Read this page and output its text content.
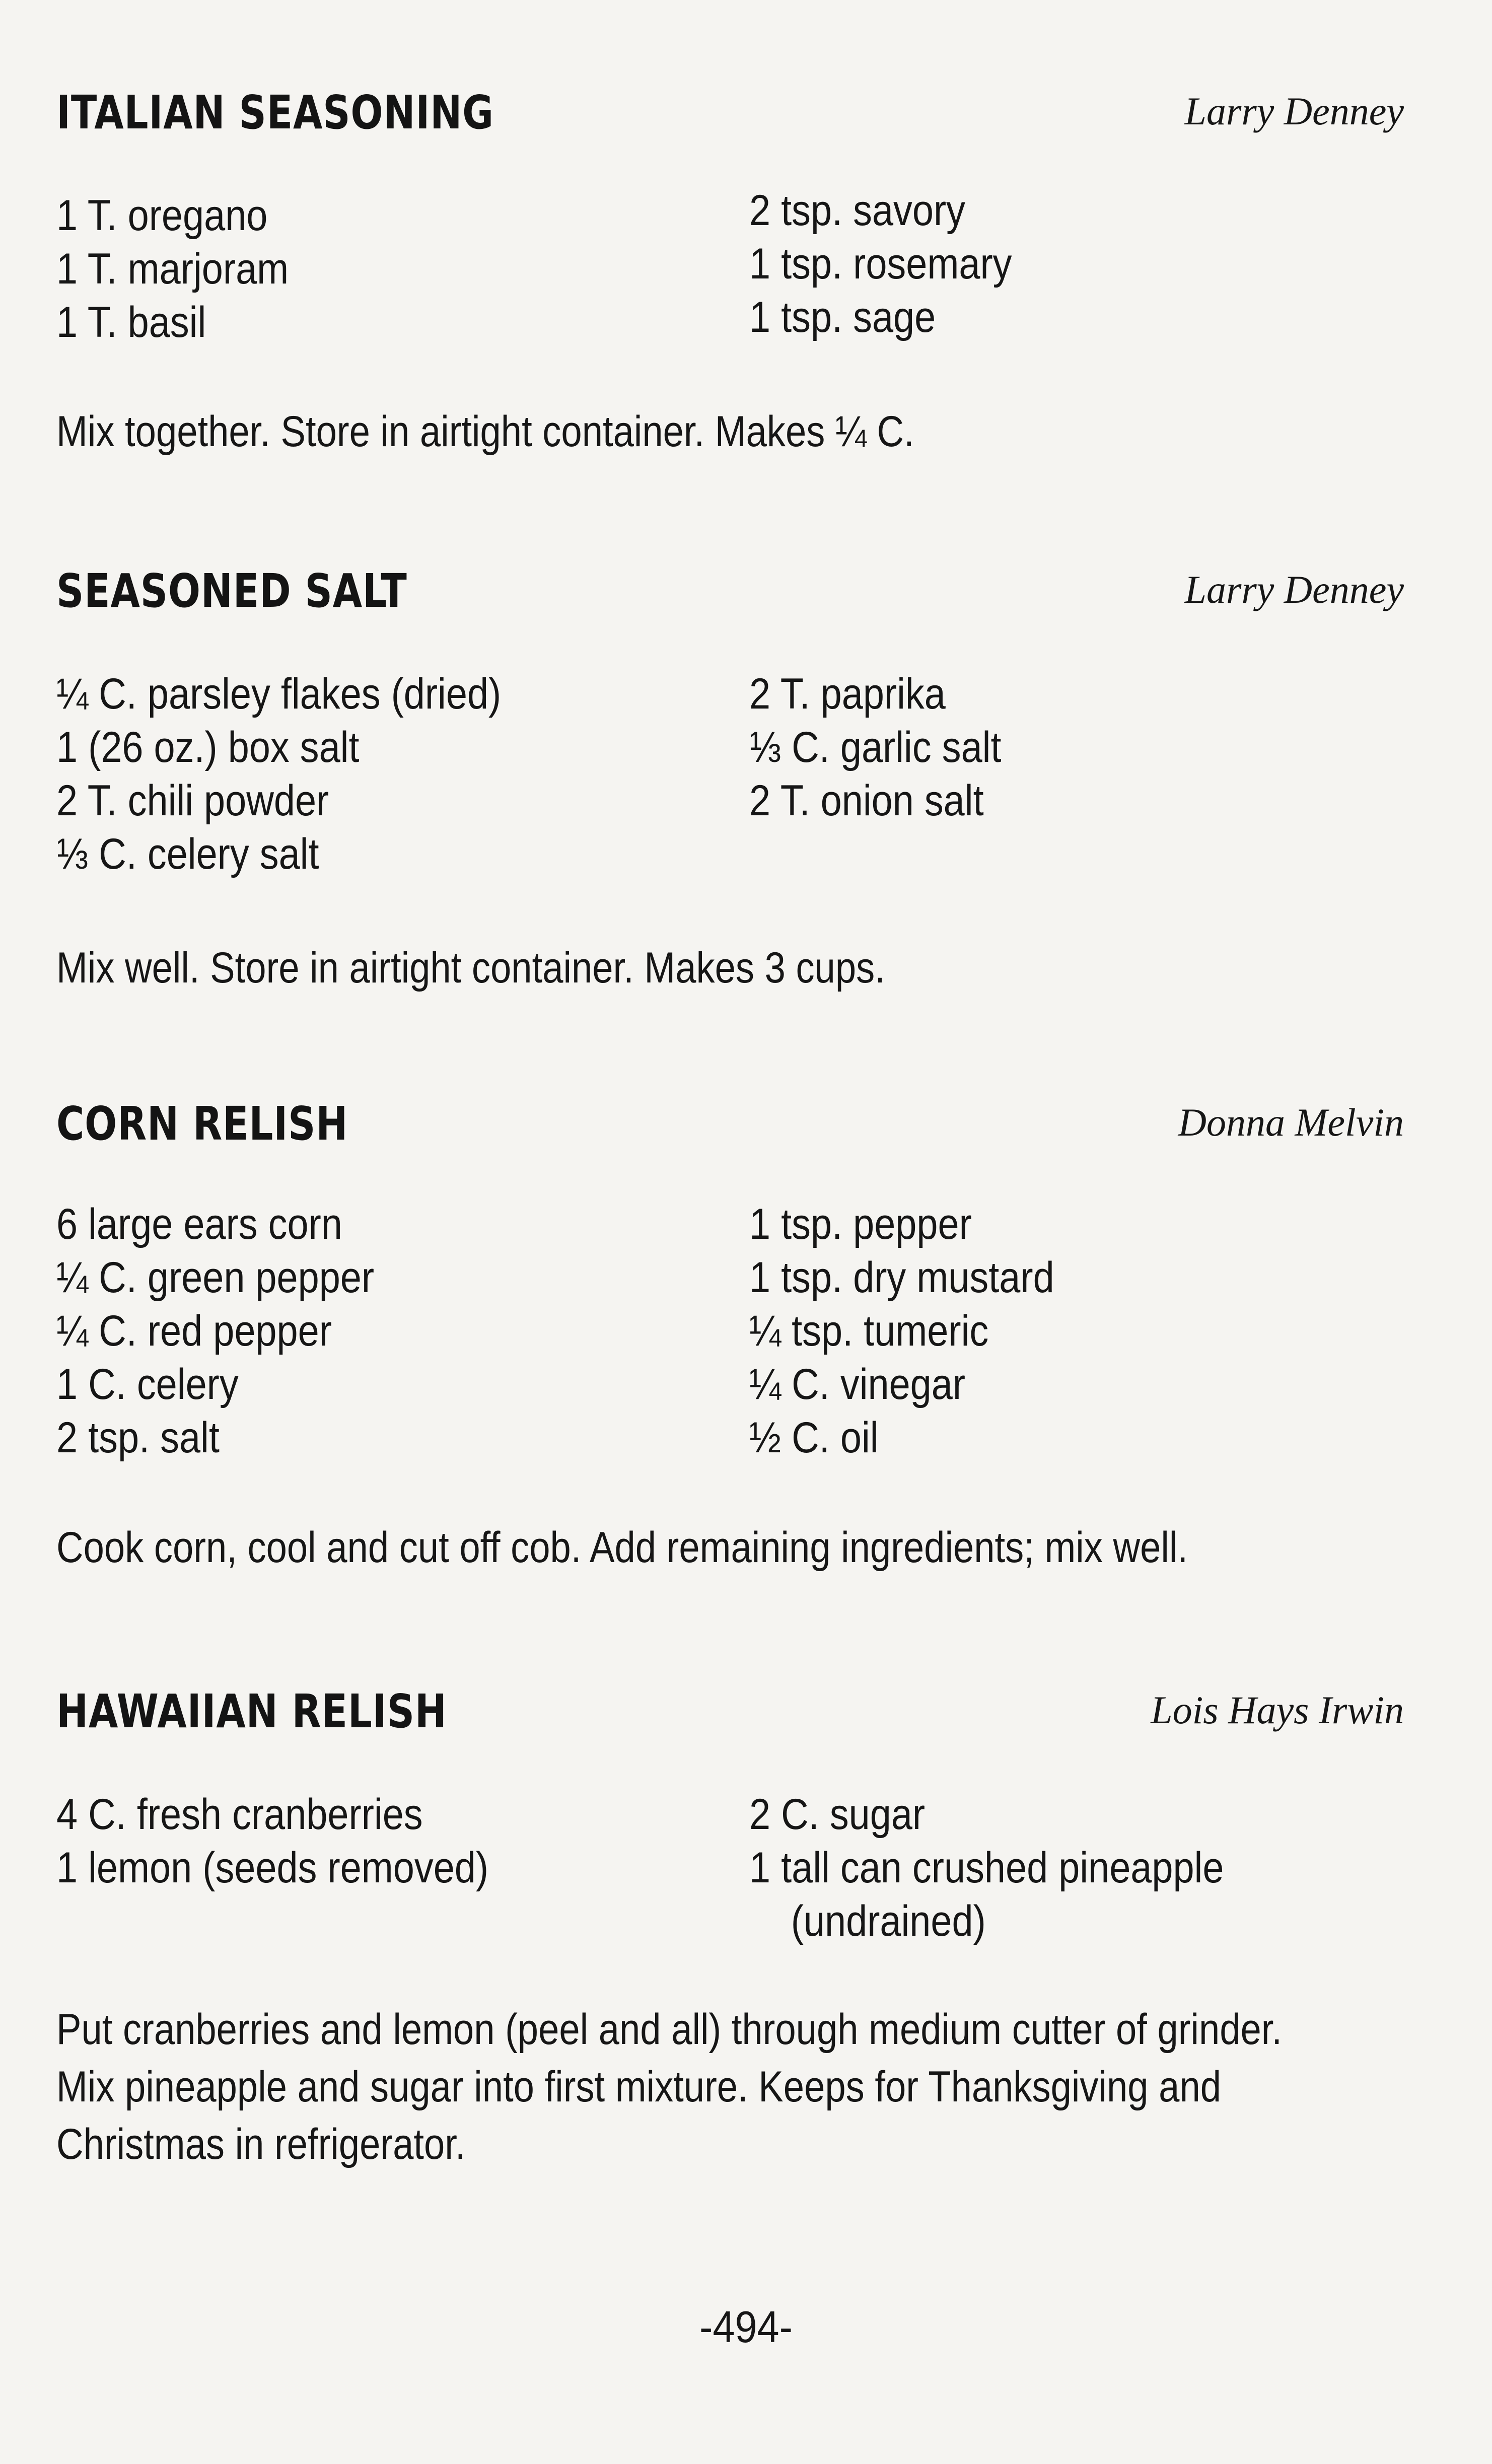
ITALIAN SEASONING	Larry Denney
1 T. oregano
1 T. marjoram
1 T. basil
2 tsp. savory
1 tsp. rosemary
1 tsp. sage
Mix together. Store in airtight container. Makes ¼ C.
SEASONED SALT	Larry Denney
¼ C. parsley flakes (dried)
1 (26 oz.) box salt
2 T. chili powder
⅓ C. celery salt
2 T. paprika
⅓ C. garlic salt
2 T. onion salt
Mix well. Store in airtight container. Makes 3 cups.
CORN RELISH	Donna Melvin
6 large ears corn
¼ C. green pepper
¼ C. red pepper
1 C. celery
2 tsp. salt
1 tsp. pepper
1 tsp. dry mustard
¼ tsp. tumeric
¼ C. vinegar
½ C. oil
Cook corn, cool and cut off cob. Add remaining ingredients; mix well.
HAWAIIAN RELISH	Lois Hays Irwin
4 C. fresh cranberries
1 lemon (seeds removed)
2 C. sugar
1 tall can crushed pineapple
(undrained)
Put cranberries and lemon (peel and all) through medium cutter of grinder.
Mix pineapple and sugar into first mixture. Keeps for Thanksgiving and
Christmas in refrigerator.
-494-
